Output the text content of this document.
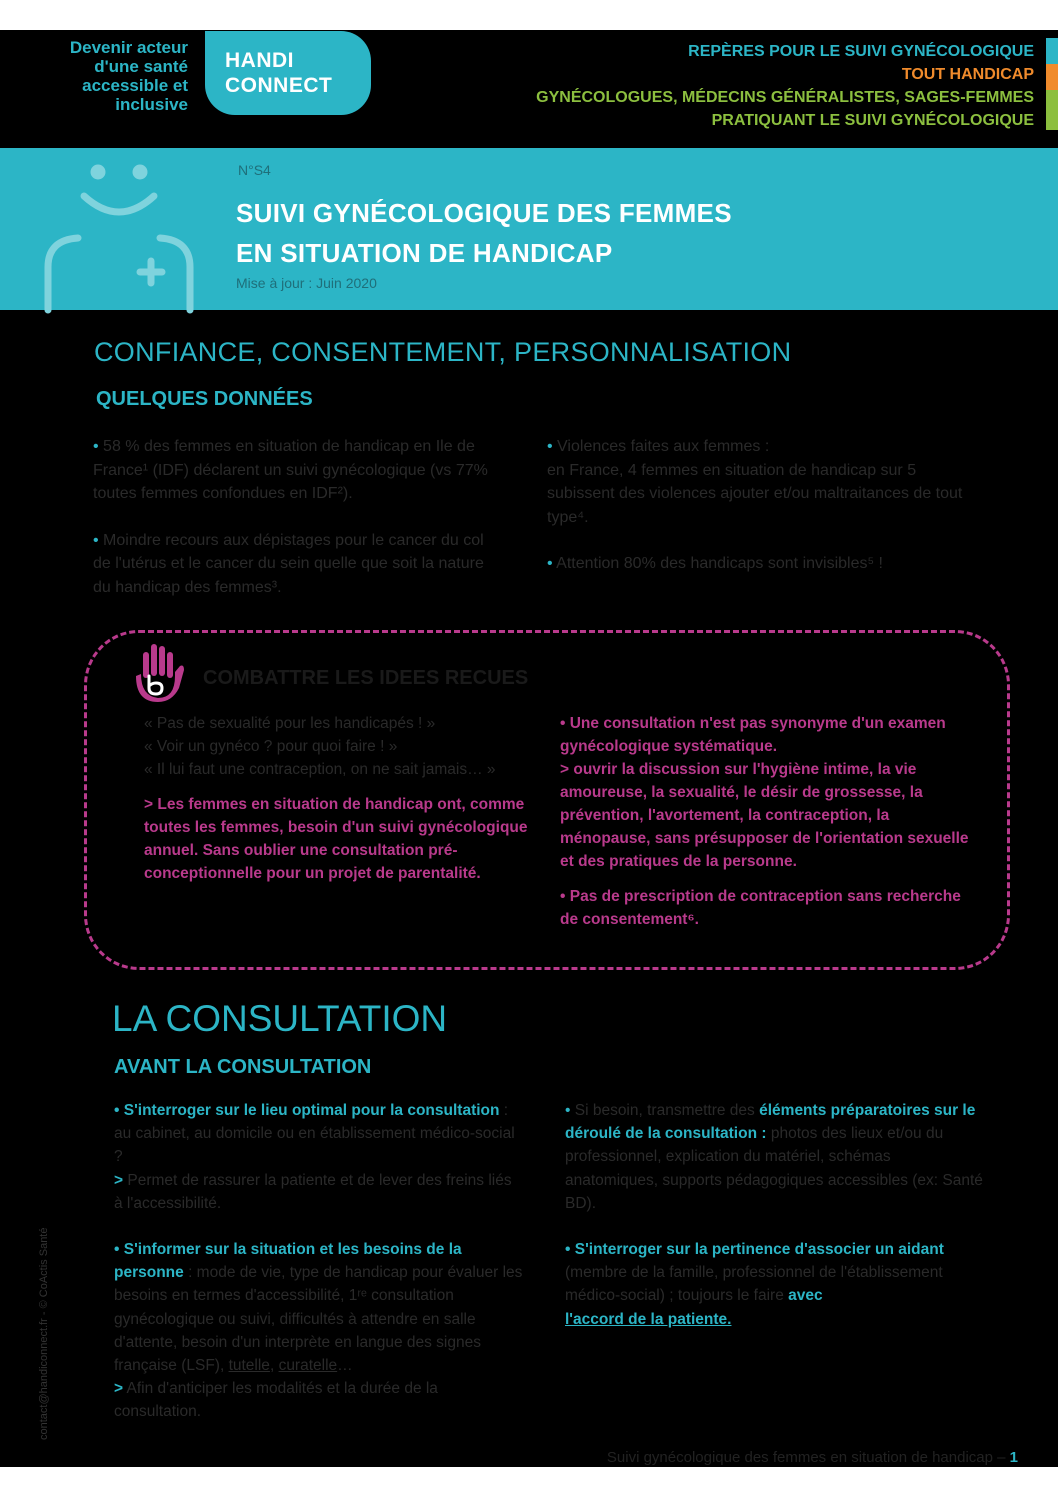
Devenir acteur d'une santé accessible et inclusive
HANDI
CONNECT
REPÈRES POUR LE SUIVI GYNÉCOLOGIQUE
TOUT HANDICAP
GYNÉCOLOGUES, MÉDECINS GÉNÉRALISTES, SAGES-FEMMES
PRATIQUANT LE SUIVI GYNÉCOLOGIQUE
N°S4
SUIVI GYNÉCOLOGIQUE DES FEMMES
EN SITUATION DE HANDICAP
Mise à jour : Juin 2020
CONFIANCE, CONSENTEMENT, PERSONNALISATION
QUELQUES DONNÉES

• 58 % des femmes en situation de handicap en Ile de France¹ (IDF) déclarent un suivi gynécologique (vs 77% toutes femmes confondues en IDF²).

• Moindre recours aux dépistages pour le cancer du col de l'utérus et le cancer du sein quelle que soit la nature du handicap des femmes³.

• Violences faites aux femmes :
en France, 4 femmes en situation de handicap sur 5 subissent des violences ajouter et/ou maltraitances de tout type⁴.

• Attention 80% des handicaps sont invisibles⁵ !

COMBATTRE LES IDEES RECUES
« Pas de sexualité pour les handicapés ! »
« Voir un gynéco ? pour quoi faire ! »
« Il lui faut une contraception, on ne sait jamais… »
> Les femmes en situation de handicap ont, comme toutes les femmes, besoin d'un suivi gynécologique annuel. Sans oublier une consultation pré-conceptionnelle pour un projet de parentalité.
• Une consultation n'est pas synonyme d'un examen gynécologique systématique.
> ouvrir la discussion sur l'hygiène intime, la vie amoureuse, la sexualité, le désir de grossesse, la prévention, l'avortement, la contraception, la ménopause, sans présupposer de l'orientation sexuelle et des pratiques de la personne.
• Pas de prescription de contraception sans recherche de consentement⁶.
LA CONSULTATION
AVANT LA CONSULTATION

• S'interroger sur le lieu optimal pour la consultation : au cabinet, au domicile ou en établissement médico-social ?
> Permet de rassurer la patiente et de lever des freins liés à l'accessibilité.

• S'informer sur la situation et les besoins de la personne : mode de vie, type de handicap pour évaluer les besoins en termes d'accessibilité, 1ʳᵉ consultation gynécologique ou suivi, difficultés à attendre en salle d'attente, besoin d'un interprète en langue des signes française (LSF), tutelle, curatelle…
> Afin d'anticiper les modalités et la durée de la consultation.

• Si besoin, transmettre des éléments préparatoires sur le déroulé de la consultation : photos des lieux et/ou du professionnel, explication du matériel, schémas anatomiques, supports pédagogiques accessibles (ex: Santé BD).

• S'interroger sur la pertinence d'associer un aidant (membre de la famille, professionnel de l'établissement médico-social) ; toujours le faire avec
l'accord de la patiente.

contact@handiconnect.fr - © CoActis Santé
Suivi gynécologique des femmes en situation de handicap – 1
